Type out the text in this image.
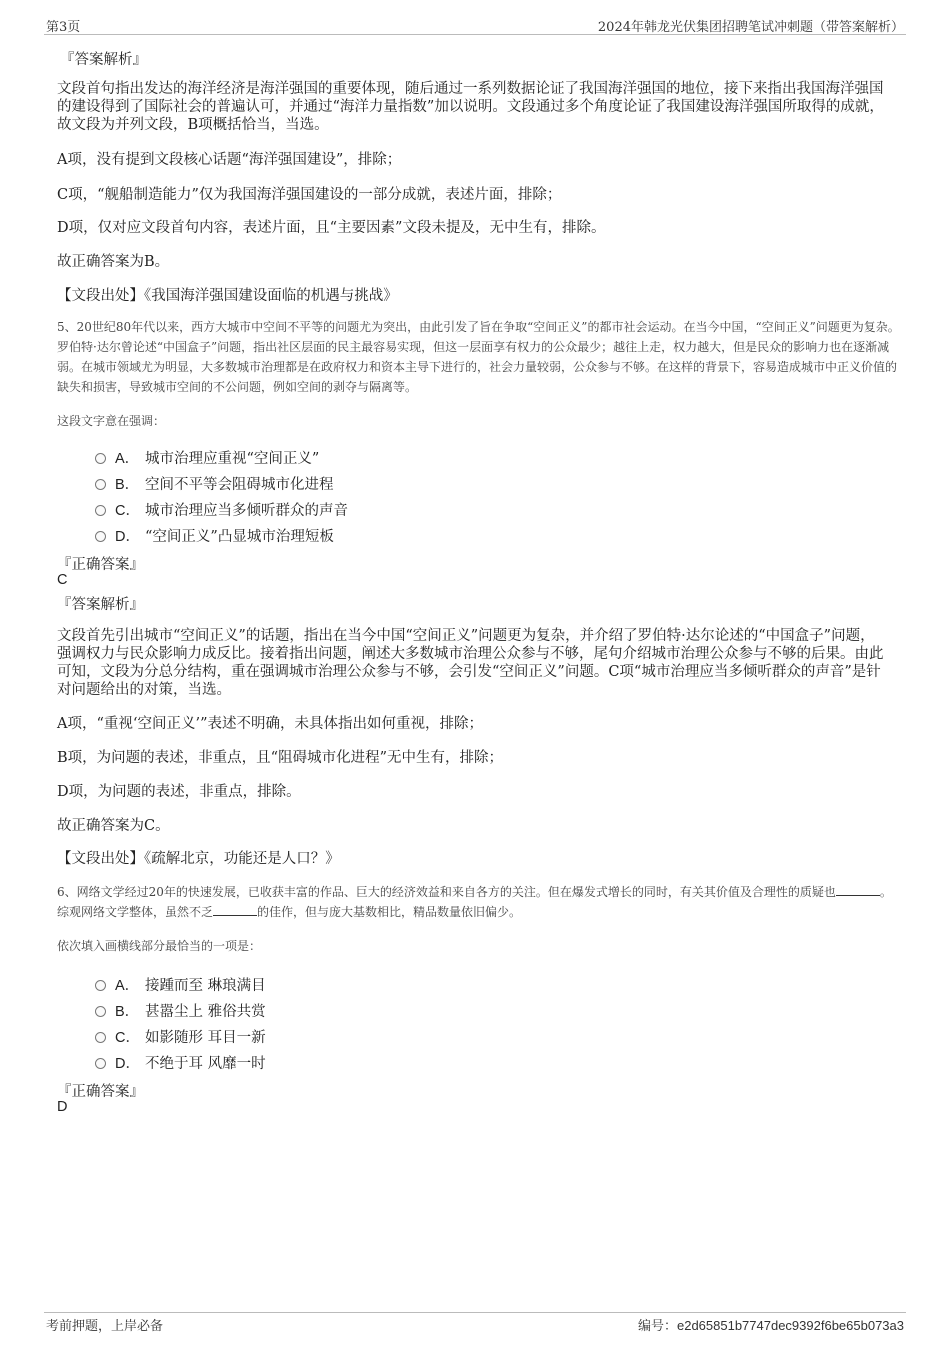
第3页	2024年韩龙光伏集团招聘笔试冲刺题（带答案解析）
『答案解析』

文段首句指出发达的海洋经济是海洋强国的重要体现，随后通过一系列数据论证了我国海洋强国的地位，接下来指出我国海洋强国的建设得到了国际社会的普遍认可，并通过“海洋力量指数”加以说明。文段通过多个角度论证了我国建设海洋强国所取得的成就，故文段为并列文段，B项概括恰当，当选。

A项，没有提到文段核心话题“海洋强国建设”，排除；

C项，“舰船制造能力”仅为我国海洋强国建设的一部分成就，表述片面，排除；

D项，仅对应文段首句内容，表述片面，且“主要因素”文段未提及，无中生有，排除。

故正确答案为B。

【文段出处】《我国海洋强国建设面临的机遇与挑战》

5、20世纪80年代以来，西方大城市中空间不平等的问题尤为突出，由此引发了旨在争取“空间正义”的都市社会运动。在当今中国，“空间正义”问题更为复杂。罗伯特·达尔曾论述“中国盒子”问题，指出社区层面的民主最容易实现，但这一层面享有权力的公众最少；越往上走，权力越大，但是民众的影响力也在逐渐减弱。在城市领域尤为明显，大多数城市治理都是在政府权力和资本主导下进行的，社会力量较弱，公众参与不够。在这样的背景下，容易造成城市中正义价值的缺失和损害，导致城市空间的不公问题，例如空间的剥夺与隔离等。

这段文字意在强调：

A． 城市治理应重视“空间正义”
B． 空间不平等会阻碍城市化进程
C． 城市治理应当多倾听群众的声音
D． “空间正义”凸显城市治理短板
『正确答案』
C
『答案解析』

文段首先引出城市“空间正义”的话题，指出在当今中国“空间正义”问题更为复杂，并介绍了罗伯特·达尔论述的“中国盒子”问题，强调权力与民众影响力成反比。接着指出问题，阐述大多数城市治理公众参与不够，尾句介绍城市治理公众参与不够的后果。由此可知，文段为分总分结构，重在强调城市治理公众参与不够，会引发“空间正义”问题。C项“城市治理应当多倾听群众的声音”是针对问题给出的对策，当选。

A项，“重视‘空间正义’”表述不明确，未具体指出如何重视，排除；

B项，为问题的表述，非重点，且“阻碍城市化进程”无中生有，排除；

D项，为问题的表述，非重点，排除。

故正确答案为C。

【文段出处】《疏解北京，功能还是人口？》

6、网络文学经过20年的快速发展，已收获丰富的作品、巨大的经济效益和来自各方的关注。但在爆发式增长的同时，有关其价值及合理性的质疑也	。综观网络文学整体，虽然不乏	的佳作，但与庞大基数相比，精品数量依旧偏少。

依次填入画横线部分最恰当的一项是：

A． 接踵而至 琳琅满目
B． 甚嚣尘上 雅俗共赏
C． 如影随形 耳目一新
D． 不绝于耳 风靡一时
『正确答案』
D
考前押题，上岸必备	编号：e2d65851b7747dec9392f6be65b073a3
